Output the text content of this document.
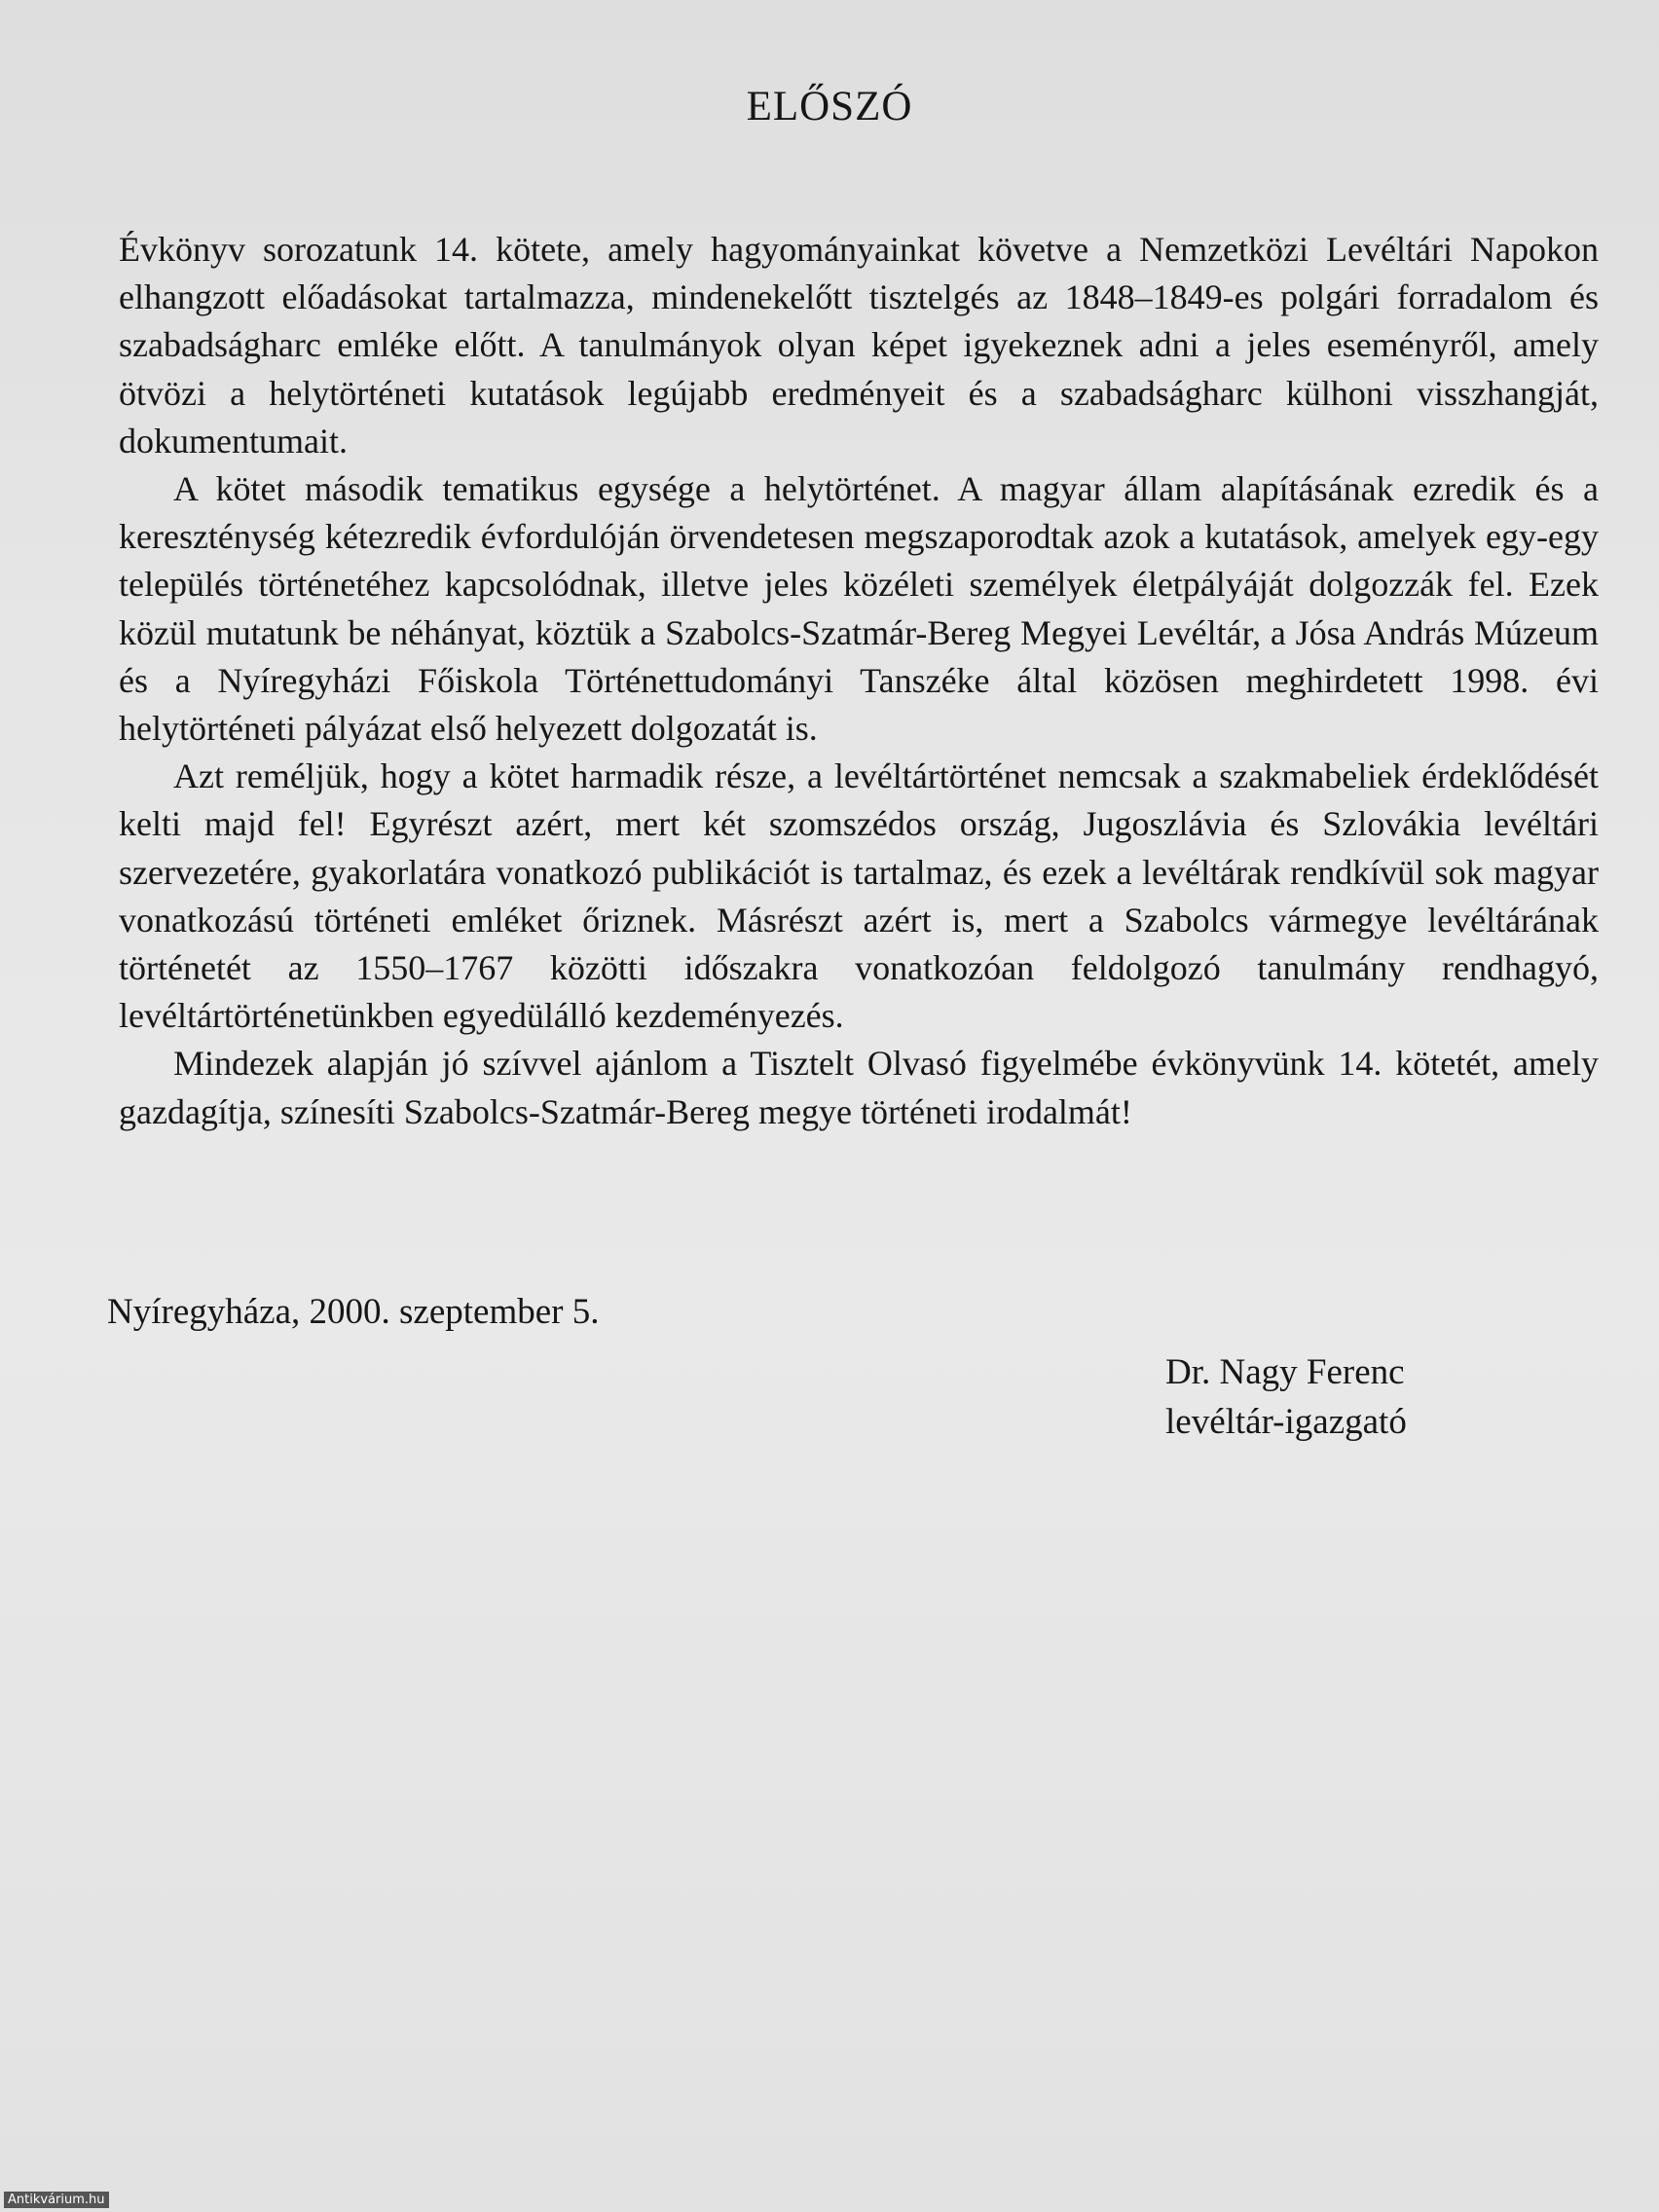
ELŐSZÓ

Évkönyv sorozatunk 14. kötete, amely hagyományainkat követve a Nemzetközi Levéltári Napokon elhangzott előadásokat tartalmazza, mindenekelőtt tisztelgés az 1848–1849-es polgári forradalom és szabadságharc emléke előtt. A tanulmányok olyan képet igyekeznek adni a jeles eseményről, amely ötvözi a helytörténeti kutatások legújabb eredményeit és a szabadságharc külhoni visszhangját, dokumentumait.

A kötet második tematikus egysége a helytörténet. A magyar állam alapításának ezredik és a kereszténység kétezredik évfordulóján örvendetesen megszaporodtak azok a kutatások, amelyek egy-egy település történetéhez kapcsolódnak, illetve jeles közéleti személyek életpályáját dolgozzák fel. Ezek közül mutatunk be néhányat, köztük a Szabolcs-Szatmár-Bereg Megyei Levéltár, a Jósa András Múzeum és a Nyíregyházi Főiskola Történettudományi Tanszéke által közösen meghirdetett 1998. évi helytörténeti pályázat első helyezett dolgozatát is.

Azt reméljük, hogy a kötet harmadik része, a levéltártörténet nemcsak a szakmabeliek érdeklődését kelti majd fel! Egyrészt azért, mert két szomszédos ország, Jugoszlávia és Szlovákia levéltári szervezetére, gyakorlatára vonatkozó publikációt is tartalmaz, és ezek a levéltárak rendkívül sok magyar vonatkozású történeti emléket őriznek. Másrészt azért is, mert a Szabolcs vármegye levéltárának történetét az 1550–1767 közötti időszakra vonatkozóan feldolgozó tanulmány rendhagyó, levéltártörténetünkben egyedülálló kezdeményezés.

Mindezek alapján jó szívvel ajánlom a Tisztelt Olvasó figyelmébe évkönyvünk 14. kötetét, amely gazdagítja, színesíti Szabolcs-Szatmár-Bereg megye történeti irodalmát!

Nyíregyháza, 2000. szeptember 5.

Dr. Nagy Ferenc
levéltár-igazgató
Antikvárium.hu
